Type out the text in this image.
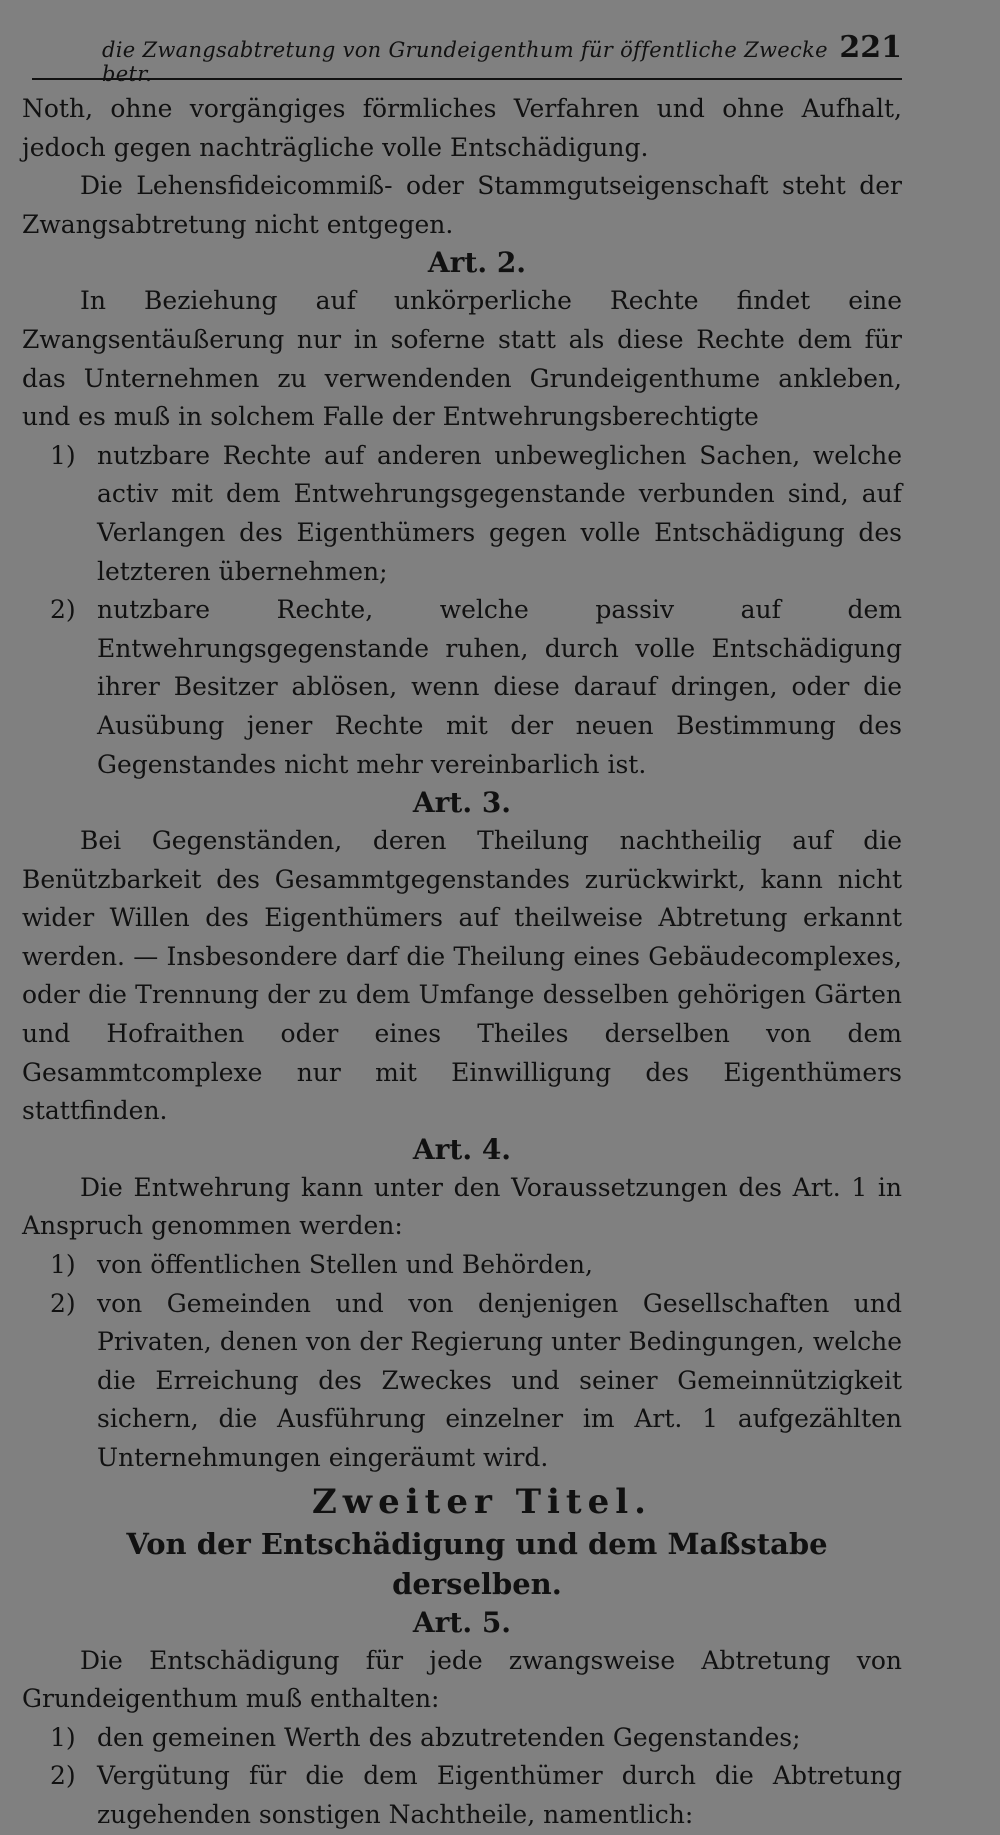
die Zwangsabtretung von Grundeigenthum für öffentliche Zwecke betr.
221

Noth, ohne vorgängiges förmliches Verfahren und ohne Aufhalt, jedoch gegen nachträgliche volle Entschädigung.

Die Lehensfideicommiß- oder Stammgutseigenschaft steht der Zwangsabtretung nicht entgegen.

Art. 2.

In Beziehung auf unkörperliche Rechte findet eine Zwangsentäußerung nur in soferne statt als diese Rechte dem für das Unternehmen zu verwendenden Grundeigenthume ankleben, und es muß in solchem Falle der Entwehrungsberechtigte

1) nutzbare Rechte auf anderen unbeweglichen Sachen, welche activ mit dem Entwehrungsgegenstande verbunden sind, auf Verlangen des Eigenthümers gegen volle Entschädigung des letzteren übernehmen;
2) nutzbare Rechte, welche passiv auf dem Entwehrungsgegenstande ruhen, durch volle Entschädigung ihrer Besitzer ablösen, wenn diese darauf dringen, oder die Ausübung jener Rechte mit der neuen Bestimmung des Gegenstandes nicht mehr vereinbarlich ist.
Art. 3.

Bei Gegenständen, deren Theilung nachtheilig auf die Benützbarkeit des Gesammtgegenstandes zurückwirkt, kann nicht wider Willen des Eigenthümers auf theilweise Abtretung erkannt werden. — Insbesondere darf die Theilung eines Gebäudecomplexes, oder die Trennung der zu dem Umfange desselben gehörigen Gärten und Hofraithen oder eines Theiles derselben von dem Gesammtcomplexe nur mit Einwilligung des Eigenthümers stattfinden.

Art. 4.

Die Entwehrung kann unter den Voraussetzungen des Art. 1 in Anspruch genommen werden:

1) von öffentlichen Stellen und Behörden,
2) von Gemeinden und von denjenigen Gesellschaften und Privaten, denen von der Regierung unter Bedingungen, welche die Erreichung des Zweckes und seiner Gemeinnützigkeit sichern, die Ausführung einzelner im Art. 1 aufgezählten Unternehmungen eingeräumt wird.
Zweiter Titel.
Von der Entschädigung und dem Maßstabe derselben.
Art. 5.

Die Entschädigung für jede zwangsweise Abtretung von Grundeigenthum muß enthalten:

1) den gemeinen Werth des abzutretenden Gegenstandes;
2) Vergütung für die dem Eigenthümer durch die Abtretung zugehenden sonstigen Nachtheile, namentlich:
